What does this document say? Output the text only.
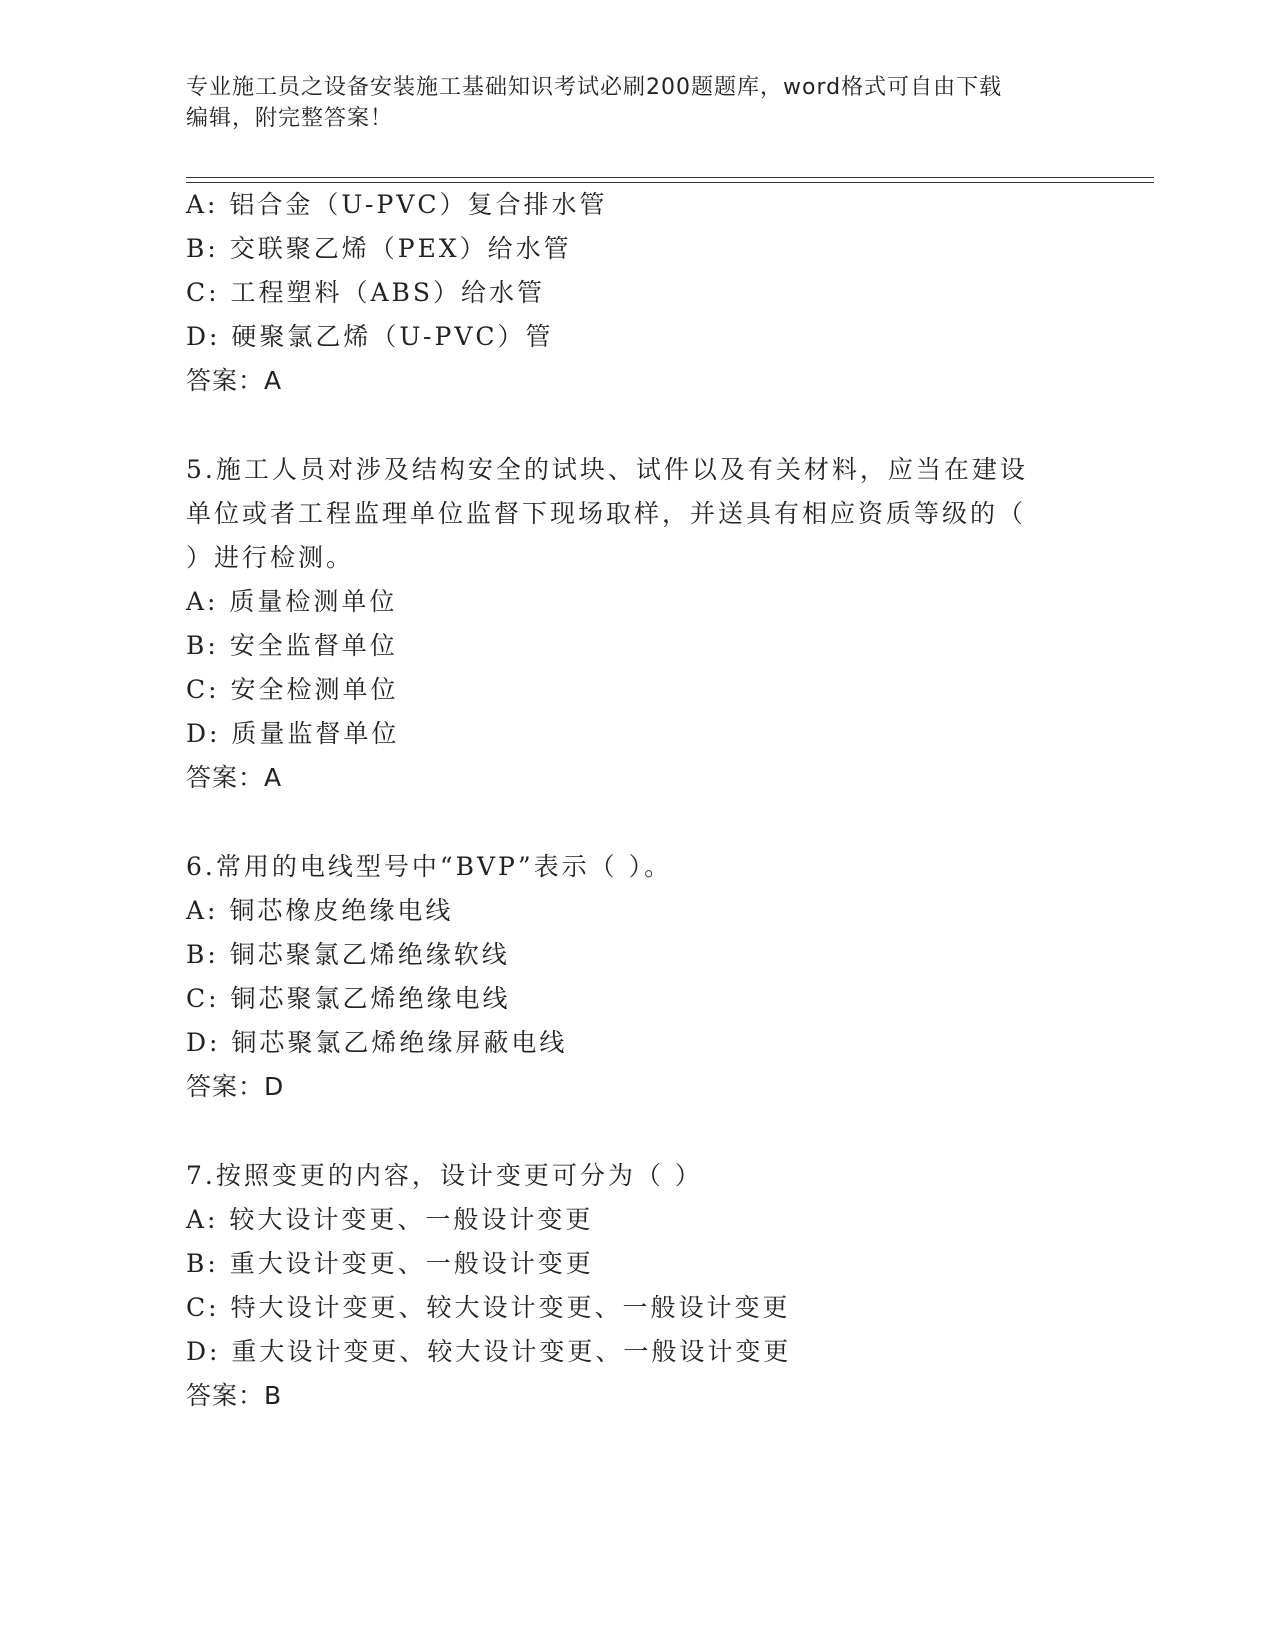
专业施工员之设备安装施工基础知识考试必刷200题题库，word格式可自由下载
编辑，附完整答案！
A: 铝合金（U-PVC）复合排水管
B: 交联聚乙烯（PEX）给水管
C: 工程塑料（ABS）给水管
D: 硬聚氯乙烯（U-PVC）管
答案：A
5.施工人员对涉及结构安全的试块、试件以及有关材料，应当在建设
单位或者工程监理单位监督下现场取样，并送具有相应资质等级的（
）进行检测。
A: 质量检测单位
B: 安全监督单位
C: 安全检测单位
D: 质量监督单位
答案：A
6.常用的电线型号中“BVP”表示（ ）。
A: 铜芯橡皮绝缘电线
B: 铜芯聚氯乙烯绝缘软线
C: 铜芯聚氯乙烯绝缘电线
D: 铜芯聚氯乙烯绝缘屏蔽电线
答案：D
7.按照变更的内容，设计变更可分为（ ）
A: 较大设计变更、一般设计变更
B: 重大设计变更、一般设计变更
C: 特大设计变更、较大设计变更、一般设计变更
D: 重大设计变更、较大设计变更、一般设计变更
答案：B
